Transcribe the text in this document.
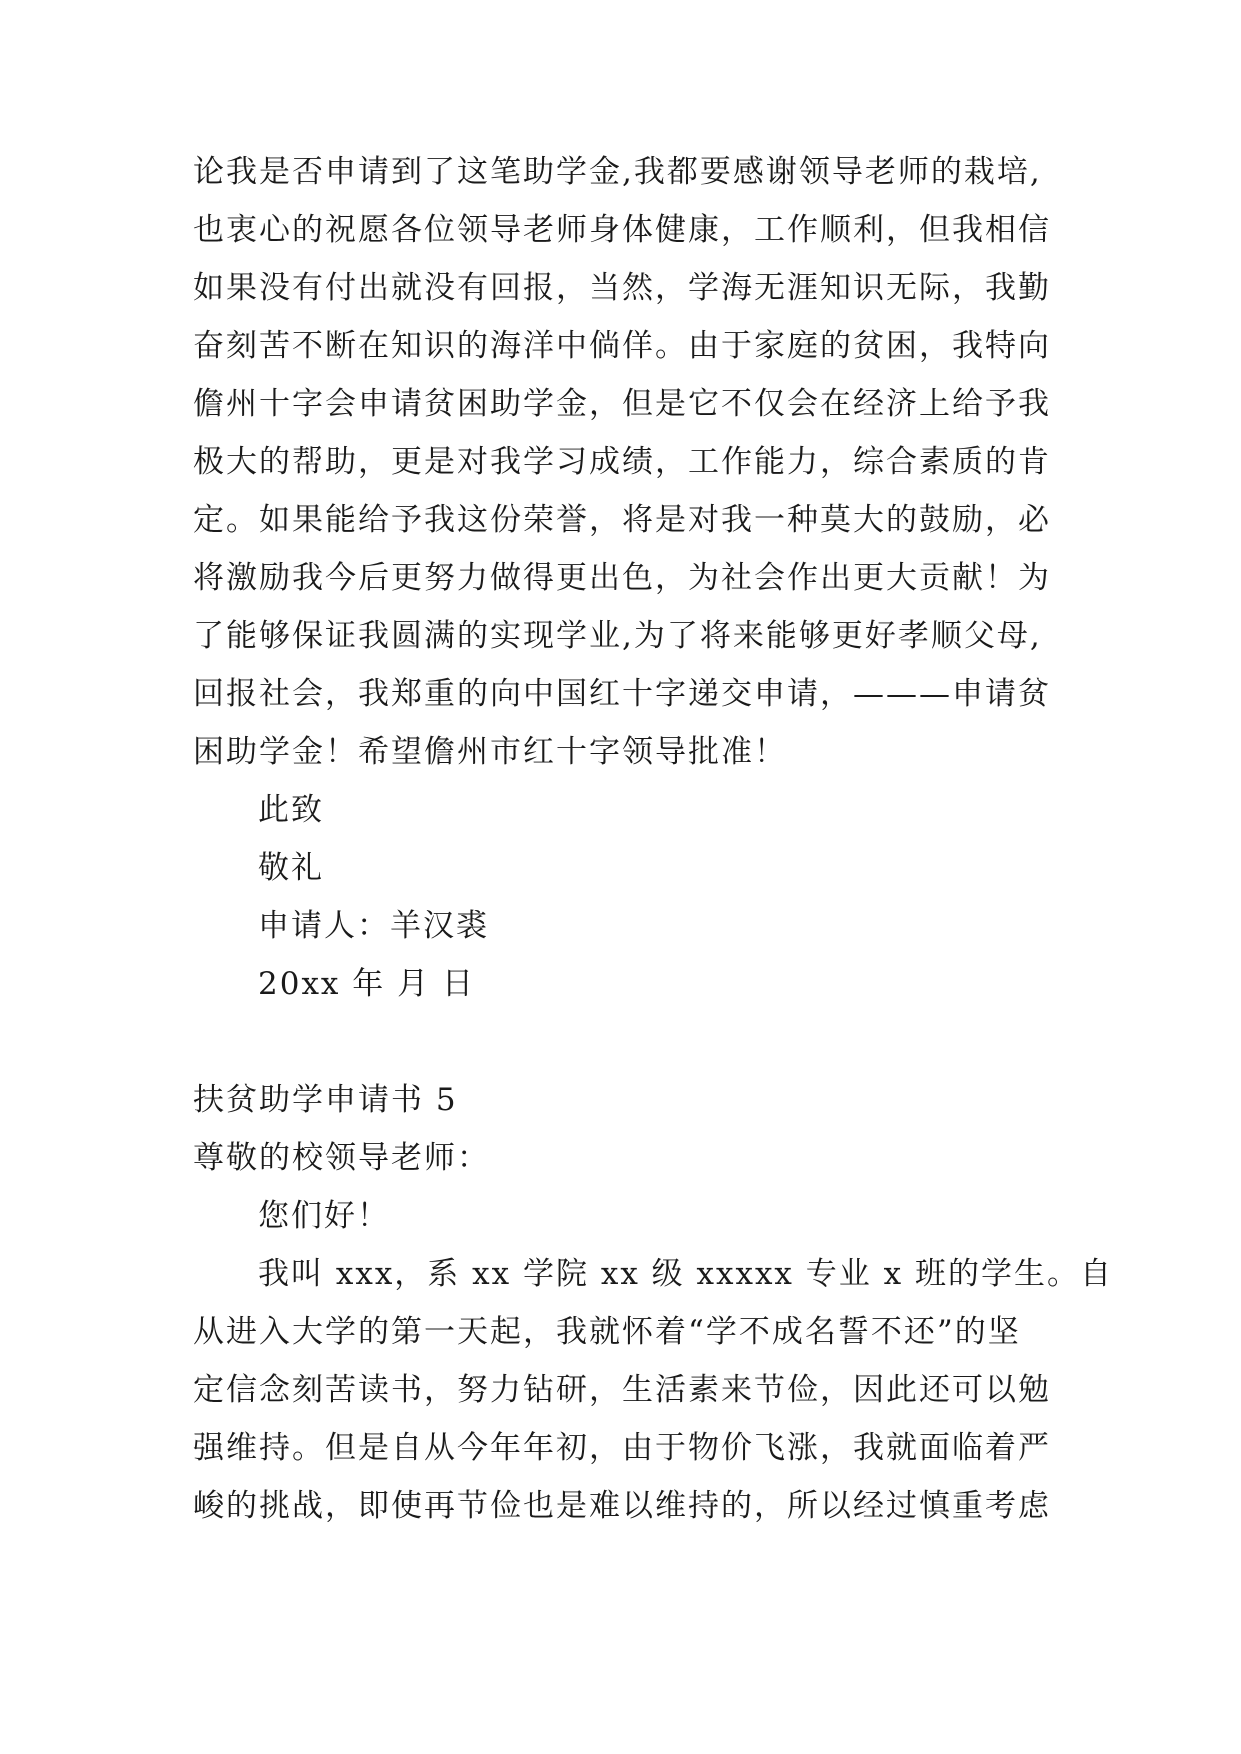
论我是否申请到了这笔助学金,我都要感谢领导老师的栽培,
也衷心的祝愿各位领导老师身体健康，工作顺利，但我相信
如果没有付出就没有回报，当然，学海无涯知识无际，我勤
奋刻苦不断在知识的海洋中倘佯。由于家庭的贫困，我特向
儋州十字会申请贫困助学金，但是它不仅会在经济上给予我
极大的帮助，更是对我学习成绩，工作能力，综合素质的肯
定。如果能给予我这份荣誉，将是对我一种莫大的鼓励，必
将激励我今后更努力做得更出色，为社会作出更大贡献！为
了能够保证我圆满的实现学业,为了将来能够更好孝顺父母,
回报社会，我郑重的向中国红十字递交申请，———申请贫
困助学金！希望儋州市红十字领导批准！
此致
敬礼
申请人：羊汉裘
20xx 年 月 日
扶贫助学申请书 5
尊敬的校领导老师：
您们好！
我叫 xxx，系 xx 学院 xx 级 xxxxx 专业 x 班的学生。自
从进入大学的第一天起，我就怀着“学不成名誓不还”的坚
定信念刻苦读书，努力钻研，生活素来节俭，因此还可以勉
强维持。但是自从今年年初，由于物价飞涨，我就面临着严
峻的挑战，即使再节俭也是难以维持的，所以经过慎重考虑
